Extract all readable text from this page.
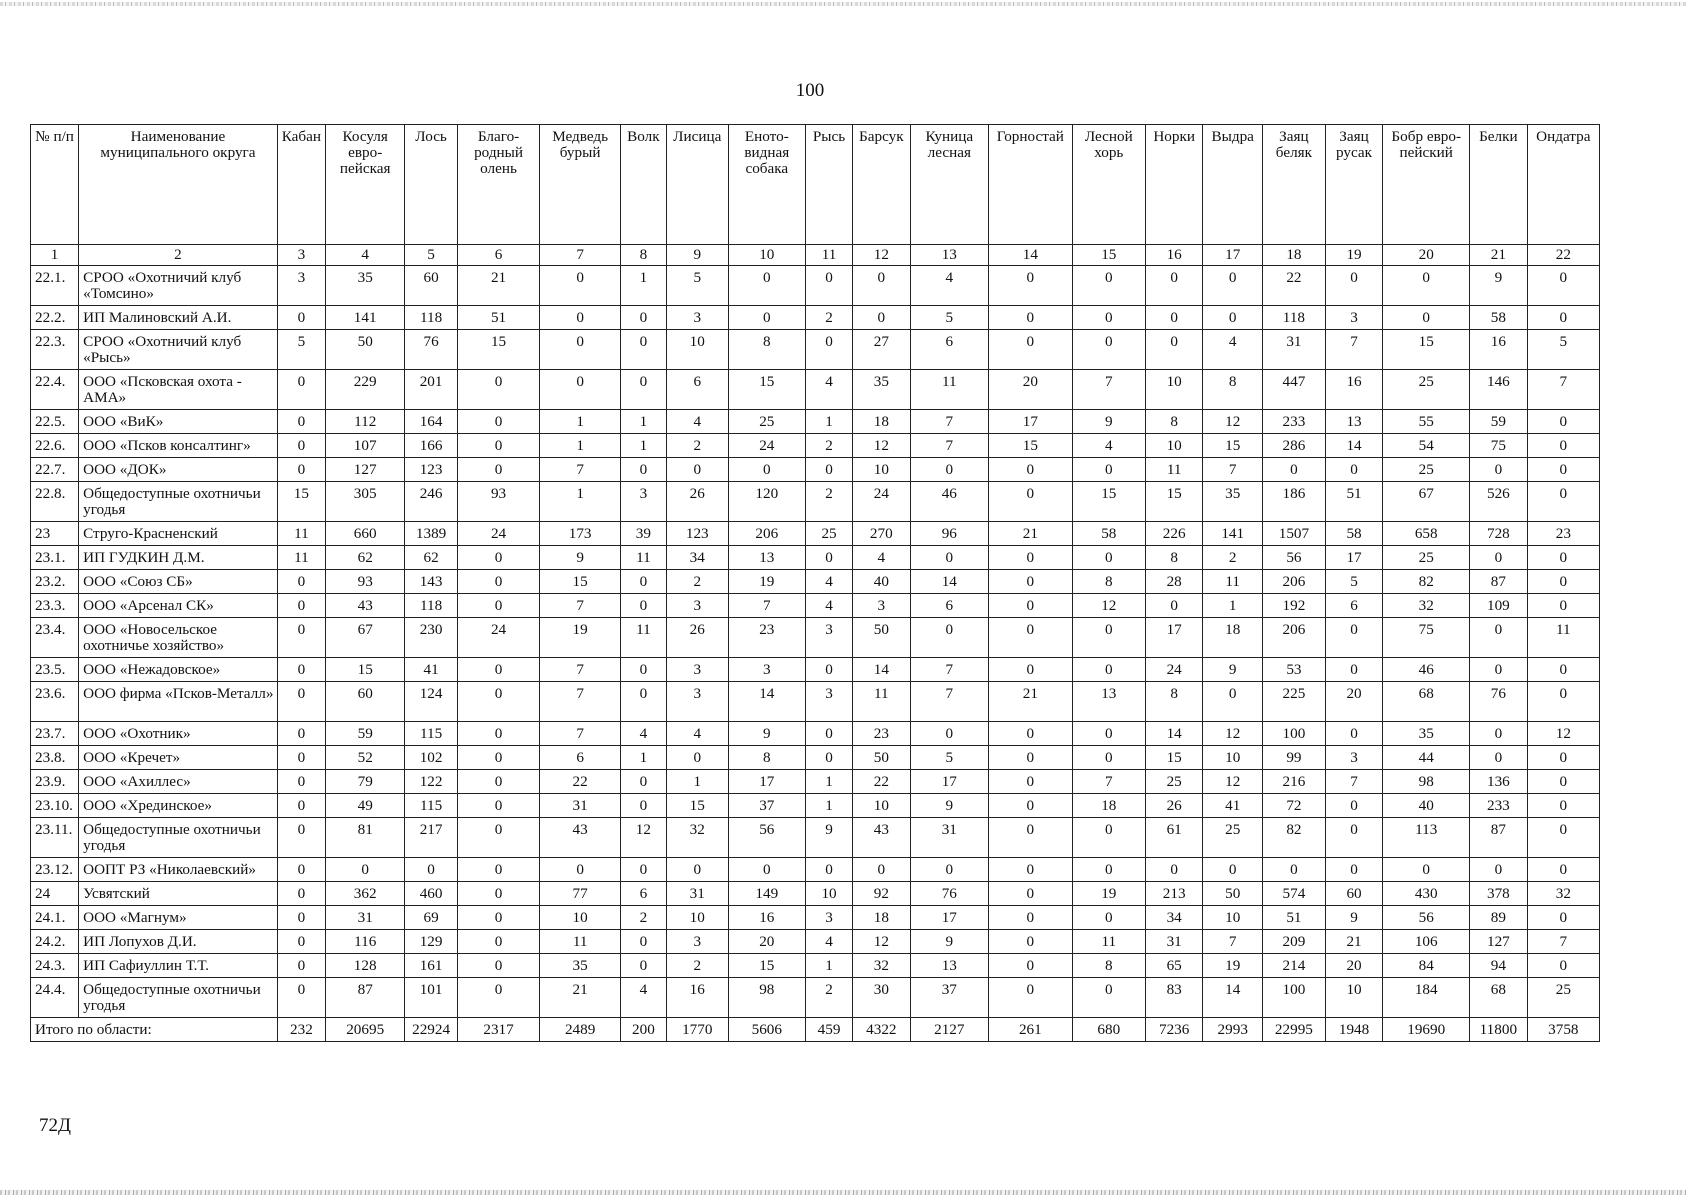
100
№ п/п	Наименование муниципального округа	Кабан	Косуля евро-пейская	Лось	Благо-родный олень	Медведь бурый	Волк	Лисица	Еното-видная собака	Рысь	Барсук	Куница лесная	Горностай	Лесной хорь	Норки	Выдра	Заяц беляк	Заяц русак	Бобр евро-пейский	Белки	Ондатра
1	2	3	4	5	6	7	8	9	10	11	12	13	14	15	16	17	18	19	20	21	22
22.1.	СРОО «Охотничий клуб «Томсино»	3	35	60	21	0	1	5	0	0	0	4	0	0	0	0	22	0	0	9	0
22.2.	ИП Малиновский А.И.	0	141	118	51	0	0	3	0	2	0	5	0	0	0	0	118	3	0	58	0
22.3.	СРОО «Охотничий клуб «Рысь»	5	50	76	15	0	0	10	8	0	27	6	0	0	0	4	31	7	15	16	5
22.4.	ООО «Псковская охота - АМА»	0	229	201	0	0	0	6	15	4	35	11	20	7	10	8	447	16	25	146	7
22.5.	ООО «ВиК»	0	112	164	0	1	1	4	25	1	18	7	17	9	8	12	233	13	55	59	0
22.6.	ООО «Псков консалтинг»	0	107	166	0	1	1	2	24	2	12	7	15	4	10	15	286	14	54	75	0
22.7.	ООО «ДОК»	0	127	123	0	7	0	0	0	0	10	0	0	0	11	7	0	0	25	0	0
22.8.	Общедоступные охотничьи угодья	15	305	246	93	1	3	26	120	2	24	46	0	15	15	35	186	51	67	526	0
23	Струго-Красненский	11	660	1389	24	173	39	123	206	25	270	96	21	58	226	141	1507	58	658	728	23
23.1.	ИП ГУДКИН Д.М.	11	62	62	0	9	11	34	13	0	4	0	0	0	8	2	56	17	25	0	0
23.2.	ООО «Союз СБ»	0	93	143	0	15	0	2	19	4	40	14	0	8	28	11	206	5	82	87	0
23.3.	ООО «Арсенал СК»	0	43	118	0	7	0	3	7	4	3	6	0	12	0	1	192	6	32	109	0
23.4.	ООО «Новосельское охотничье хозяйство»	0	67	230	24	19	11	26	23	3	50	0	0	0	17	18	206	0	75	0	11
23.5.	ООО «Нежадовское»	0	15	41	0	7	0	3	3	0	14	7	0	0	24	9	53	0	46	0	0
23.6.	ООО фирма «Псков-Металл»	0	60	124	0	7	0	3	14	3	11	7	21	13	8	0	225	20	68	76	0
23.7.	ООО «Охотник»	0	59	115	0	7	4	4	9	0	23	0	0	0	14	12	100	0	35	0	12
23.8.	ООО «Кречет»	0	52	102	0	6	1	0	8	0	50	5	0	0	15	10	99	3	44	0	0
23.9.	ООО «Ахиллес»	0	79	122	0	22	0	1	17	1	22	17	0	7	25	12	216	7	98	136	0
23.10.	ООО «Хрединское»	0	49	115	0	31	0	15	37	1	10	9	0	18	26	41	72	0	40	233	0
23.11.	Общедоступные охотничьи угодья	0	81	217	0	43	12	32	56	9	43	31	0	0	61	25	82	0	113	87	0
23.12.	ООПТ РЗ «Николаевский»	0	0	0	0	0	0	0	0	0	0	0	0	0	0	0	0	0	0	0	0
24	Усвятский	0	362	460	0	77	6	31	149	10	92	76	0	19	213	50	574	60	430	378	32
24.1.	ООО «Магнум»	0	31	69	0	10	2	10	16	3	18	17	0	0	34	10	51	9	56	89	0
24.2.	ИП Лопухов Д.И.	0	116	129	0	11	0	3	20	4	12	9	0	11	31	7	209	21	106	127	7
24.3.	ИП Сафиуллин Т.Т.	0	128	161	0	35	0	2	15	1	32	13	0	8	65	19	214	20	84	94	0
24.4.	Общедоступные охотничьи угодья	0	87	101	0	21	4	16	98	2	30	37	0	0	83	14	100	10	184	68	25
Итого по области:		232	20695	22924	2317	2489	200	1770	5606	459	4322	2127	261	680	7236	2993	22995	1948	19690	11800	3758
72Д
